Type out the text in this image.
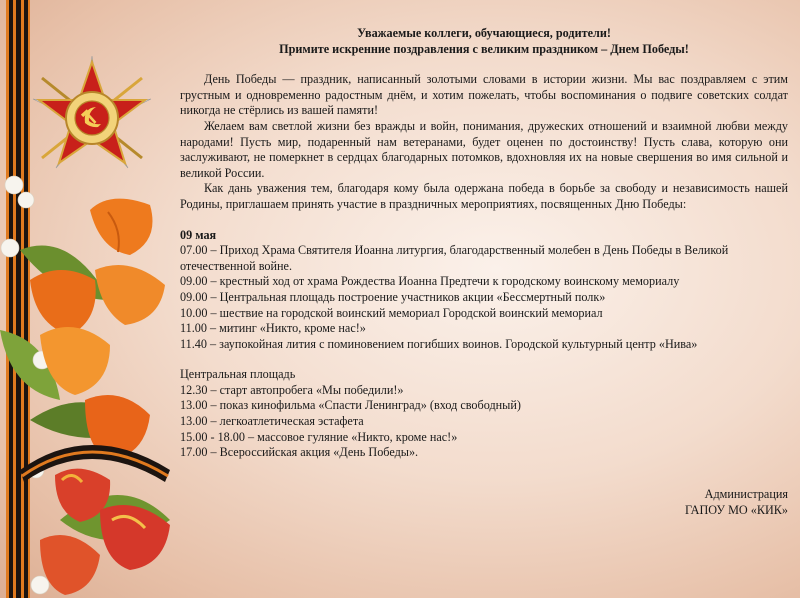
Уважаемые коллеги, обучающиеся, родители!

Примите искренние поздравления с великим праздником – Днем Победы!

День Победы — праздник, написанный золотыми словами в истории жизни. Мы вас поздравляем с этим грустным и одновременно радостным днём, и хотим пожелать, чтобы воспоминания о подвиге советских солдат никогда не стёрлись из вашей памяти!

Желаем вам светлой жизни без вражды и войн, понимания, дружеских отношений и взаимной любви между народами! Пусть мир, подаренный нам ветеранами, будет оценен по достоинству! Пусть слава, которую они заслуживают, не померкнет в сердцах благодарных потомков, вдохновляя их на новые свершения во имя сильной и великой России.

Как дань уважения тем, благодаря кому была одержана победа в борьбе за свободу и независимость нашей Родины, приглашаем принять участие в праздничных мероприятиях, посвященных Дню Победы:

09 мая

07.00 – Приход Храма Святителя Иоанна литургия, благодарственный молебен в День Победы в Великой отечественной войне.

09.00 – крестный ход от храма Рождества Иоанна Предтечи к городскому воинскому мемориалу

09.00 – Центральная площадь построение участников акции «Бессмертный полк»

10.00 – шествие на городской воинский мемориал Городской воинский мемориал

11.00 – митинг «Никто, кроме нас!»

11.40 – заупокойная лития с поминовением погибших воинов. Городской культурный центр «Нива»

Центральная площадь

12.30 – старт автопробега «Мы победили!»

13.00 – показ кинофильма «Спасти Ленинград» (вход свободный)

13.00 – легкоатлетическая эстафета

15.00 - 18.00 – массовое гуляние «Никто, кроме нас!»

17.00 – Всероссийская акция «День Победы».

Администрация
ГАПОУ МО «КИК»
